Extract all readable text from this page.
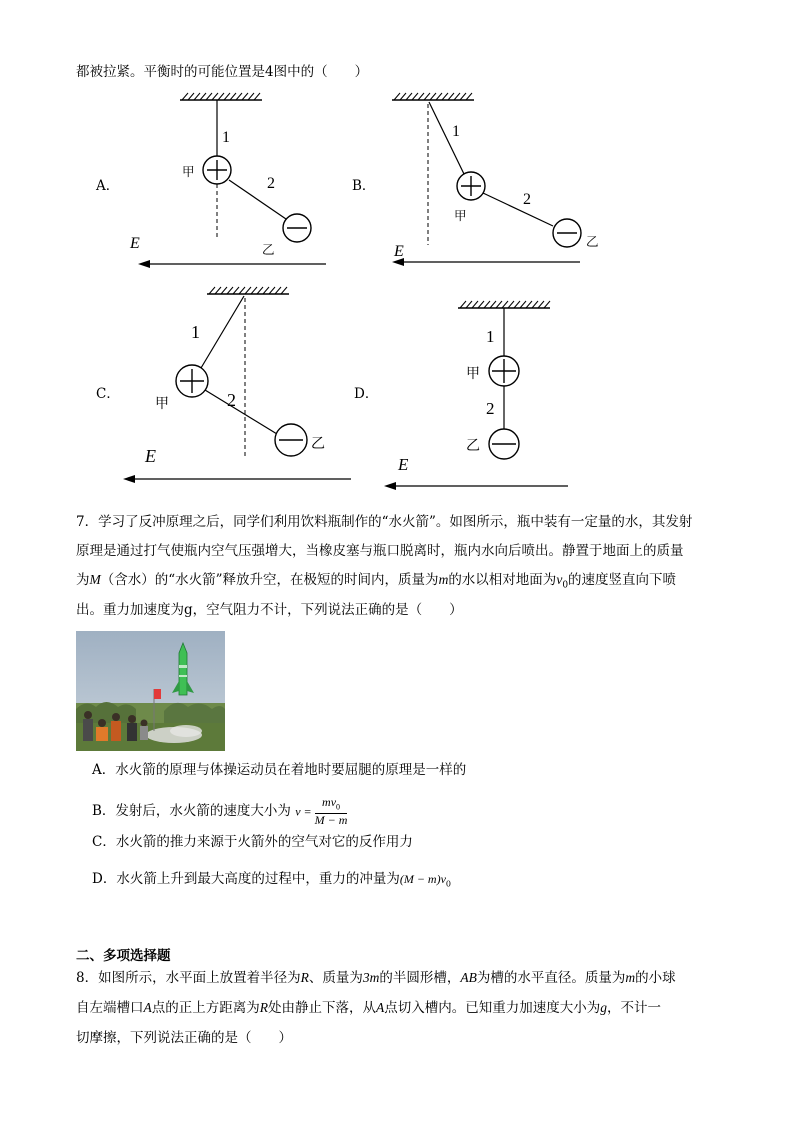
都被拉紧。平衡时的可能位置是4图中的（　　）
A．	B．
C．	D．
1
2
甲
乙
E
1
2
甲
乙
E
1
2
甲
乙
E
1
2
甲
乙
E
7．学习了反冲原理之后，同学们利用饮料瓶制作的“水火箭”。如图所示，瓶中装有一定量的水，其发射
原理是通过打气使瓶内空气压强增大，当橡皮塞与瓶口脱离时，瓶内水向后喷出。静置于地面上的质量
为M（含水）的“水火箭”释放升空，在极短的时间内，质量为m的水以相对地面为$v_0$的速度竖直向下喷
出。重力加速度为g，空气阻力不计，下列说法正确的是（　　）
A．水火箭的原理与体操运动员在着地时要屈腿的原理是一样的
B．发射后，水火箭的速度大小为 $v = \frac{mv_0}{M - m}$
C．水火箭的推力来源于火箭外的空气对它的反作用力
D．水火箭上升到最大高度的过程中，重力的冲量为$(M - m)v_0$
二、多项选择题
8．如图所示，水平面上放置着半径为R、质量为3m的半圆形槽，AB为槽的水平直径。质量为m的小球
自左端槽口A点的正上方距离为R处由静止下落，从A点切入槽内。已知重力加速度大小为g，不计一
切摩擦，下列说法正确的是（　　）
